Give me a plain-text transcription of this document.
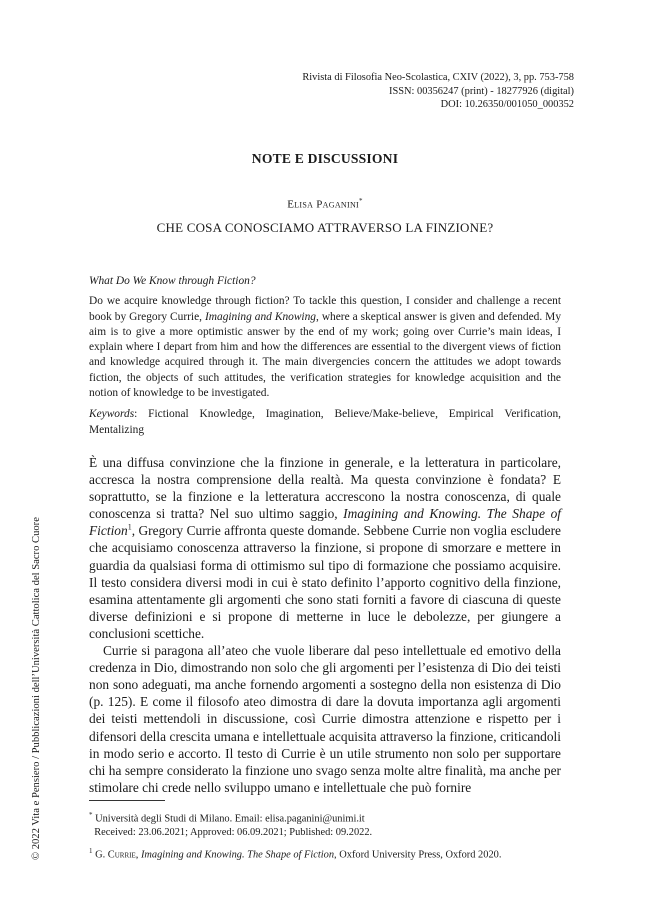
Rivista di Filosofia Neo-Scolastica, CXIV (2022), 3, pp. 753-758
ISSN: 00356247 (print) - 18277926 (digital)
DOI: 10.26350/001050_000352
NOTE E DISCUSSIONI
Elisa Paganini*
CHE COSA CONOSCIAMO ATTRAVERSO LA FINZIONE?

What Do We Know through Fiction?

Do we acquire knowledge through fiction? To tackle this question, I consider and challenge a recent book by Gregory Currie, Imagining and Knowing, where a skeptical answer is given and defended. My aim is to give a more optimistic answer by the end of my work; going over Currie’s main ideas, I explain where I depart from him and how the differences are essential to the divergent views of fiction and knowledge acquired through it. The main divergencies concern the attitudes we adopt towards fiction, the objects of such attitudes, the verification strategies for knowledge acquisition and the notion of knowledge to be investigated.

Keywords: Fictional Knowledge, Imagination, Believe/Make-believe, Empirical Verification, Mentalizing

È una diffusa convinzione che la finzione in generale, e la letteratura in particolare, accresca la nostra comprensione della realtà. Ma questa convinzione è fondata? E soprattutto, se la finzione e la letteratura accrescono la nostra conoscenza, di quale conoscenza si tratta? Nel suo ultimo saggio, Imagining and Knowing. The Shape of Fiction$^1$, Gregory Currie affronta queste domande. Sebbene Currie non voglia escludere che acquisiamo conoscenza attraverso la finzione, si propone di smorzare e mettere in guardia da qualsiasi forma di ottimismo sul tipo di formazione che possiamo acquisire. Il testo considera diversi modi in cui è stato definito l’apporto cognitivo della finzione, esamina attentamente gli argomenti che sono stati forniti a favore di ciascuna di queste diverse definizioni e si propone di metterne in luce le debolezze, per giungere a conclusioni scettiche.

Currie si paragona all’ateo che vuole liberare dal peso intellettuale ed emotivo della credenza in Dio, dimostrando non solo che gli argomenti per l’esistenza di Dio dei teisti non sono adeguati, ma anche fornendo argomenti a sostegno della non esistenza di Dio (p. 125). E come il filosofo ateo dimostra di dare la dovuta importanza agli argomenti dei teisti mettendoli in discussione, così Currie dimostra attenzione e rispetto per i difensori della crescita umana e intellettuale acquisita attraverso la finzione, criticandoli in modo serio e accorto. Il testo di Currie è un utile strumento non solo per supportare chi ha sempre considerato la finzione uno svago senza molte altre finalità, ma anche per stimolare chi crede nello sviluppo umano e intellettuale che può fornire

* Università degli Studi di Milano. Email: elisa.paganini@unimi.it
Received: 23.06.2021; Approved: 06.09.2021; Published: 09.2022.

$^1$ G. Currie, Imagining and Knowing. The Shape of Fiction, Oxford University Press, Oxford 2020.

© 2022 Vita e Pensiero / Pubblicazioni dell’Università Cattolica del Sacro Cuore
